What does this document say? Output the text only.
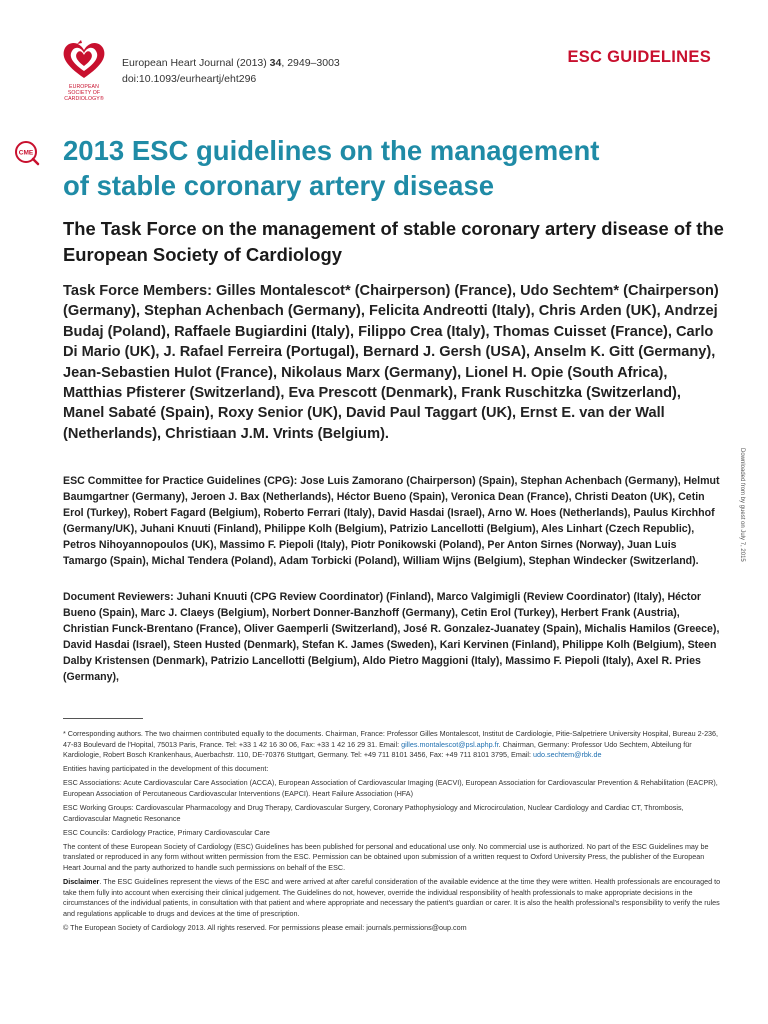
EUROPEAN
SOCIETY OF
CARDIOLOGY®
European Heart Journal (2013) 34, 2949–3003
doi:10.1093/eurheartj/eht296
ESC GUIDELINES
CME 2013 ESC guidelines on the management
of stable coronary artery disease
The Task Force on the management of stable coronary artery disease of the European Society of Cardiology
Task Force Members: Gilles Montalescot* (Chairperson) (France), Udo Sechtem* (Chairperson) (Germany), Stephan Achenbach (Germany), Felicita Andreotti (Italy), Chris Arden (UK), Andrzej Budaj (Poland), Raffaele Bugiardini (Italy), Filippo Crea (Italy), Thomas Cuisset (France), Carlo Di Mario (UK), J. Rafael Ferreira (Portugal), Bernard J. Gersh (USA), Anselm K. Gitt (Germany), Jean-Sebastien Hulot (France), Nikolaus Marx (Germany), Lionel H. Opie (South Africa), Matthias Pfisterer (Switzerland), Eva Prescott (Denmark), Frank Ruschitzka (Switzerland), Manel Sabaté (Spain), Roxy Senior (UK), David Paul Taggart (UK), Ernst E. van der Wall (Netherlands), Christiaan J.M. Vrints (Belgium).
ESC Committee for Practice Guidelines (CPG): Jose Luis Zamorano (Chairperson) (Spain), Stephan Achenbach (Germany), Helmut Baumgartner (Germany), Jeroen J. Bax (Netherlands), Héctor Bueno (Spain), Veronica Dean (France), Christi Deaton (UK), Cetin Erol (Turkey), Robert Fagard (Belgium), Roberto Ferrari (Italy), David Hasdai (Israel), Arno W. Hoes (Netherlands), Paulus Kirchhof (Germany/UK), Juhani Knuuti (Finland), Philippe Kolh (Belgium), Patrizio Lancellotti (Belgium), Ales Linhart (Czech Republic), Petros Nihoyannopoulos (UK), Massimo F. Piepoli (Italy), Piotr Ponikowski (Poland), Per Anton Sirnes (Norway), Juan Luis Tamargo (Spain), Michal Tendera (Poland), Adam Torbicki (Poland), William Wijns (Belgium), Stephan Windecker (Switzerland).
Document Reviewers: Juhani Knuuti (CPG Review Coordinator) (Finland), Marco Valgimigli (Review Coordinator) (Italy), Héctor Bueno (Spain), Marc J. Claeys (Belgium), Norbert Donner-Banzhoff (Germany), Cetin Erol (Turkey), Herbert Frank (Austria), Christian Funck-Brentano (France), Oliver Gaemperli (Switzerland), José R. Gonzalez-Juanatey (Spain), Michalis Hamilos (Greece), David Hasdai (Israel), Steen Husted (Denmark), Stefan K. James (Sweden), Kari Kervinen (Finland), Philippe Kolh (Belgium), Steen Dalby Kristensen (Denmark), Patrizio Lancellotti (Belgium), Aldo Pietro Maggioni (Italy), Massimo F. Piepoli (Italy), Axel R. Pries (Germany),

* Corresponding authors. The two chairmen contributed equally to the documents. Chairman, France: Professor Gilles Montalescot, Institut de Cardiologie, Pitie-Salpetriere University Hospital, Bureau 2-236, 47-83 Boulevard de l'Hopital, 75013 Paris, France. Tel: +33 1 42 16 30 06, Fax: +33 1 42 16 29 31. Email: gilles.montalescot@psl.aphp.fr. Chairman, Germany: Professor Udo Sechtem, Abteilung für Kardiologie, Robert Bosch Krankenhaus, Auerbachstr. 110, DE-70376 Stuttgart, Germany. Tel: +49 711 8101 3456, Fax: +49 711 8101 3795, Email: udo.sechtem@rbk.de

Entities having participated in the development of this document:

ESC Associations: Acute Cardiovascular Care Association (ACCA), European Association of Cardiovascular Imaging (EACVI), European Association for Cardiovascular Prevention & Rehabilitation (EACPR), European Association of Percutaneous Cardiovascular Interventions (EAPCI). Heart Failure Association (HFA)

ESC Working Groups: Cardiovascular Pharmacology and Drug Therapy, Cardiovascular Surgery, Coronary Pathophysiology and Microcirculation, Nuclear Cardiology and Cardiac CT, Thrombosis, Cardiovascular Magnetic Resonance

ESC Councils: Cardiology Practice, Primary Cardiovascular Care

The content of these European Society of Cardiology (ESC) Guidelines has been published for personal and educational use only. No commercial use is authorized. No part of the ESC Guidelines may be translated or reproduced in any form without written permission from the ESC. Permission can be obtained upon submission of a written request to Oxford University Press, the publisher of the European Heart Journal and the party authorized to handle such permissions on behalf of the ESC.

Disclaimer. The ESC Guidelines represent the views of the ESC and were arrived at after careful consideration of the available evidence at the time they were written. Health professionals are encouraged to take them fully into account when exercising their clinical judgement. The Guidelines do not, however, override the individual responsibility of health professionals to make appropriate decisions in the circumstances of the individual patients, in consultation with that patient and where appropriate and necessary the patient's guardian or carer. It is also the health professional's responsibility to verify the rules and regulations applicable to drugs and devices at the time of prescription.

© The European Society of Cardiology 2013. All rights reserved. For permissions please email: journals.permissions@oup.com

Downloaded from by guest on July 7, 2015
